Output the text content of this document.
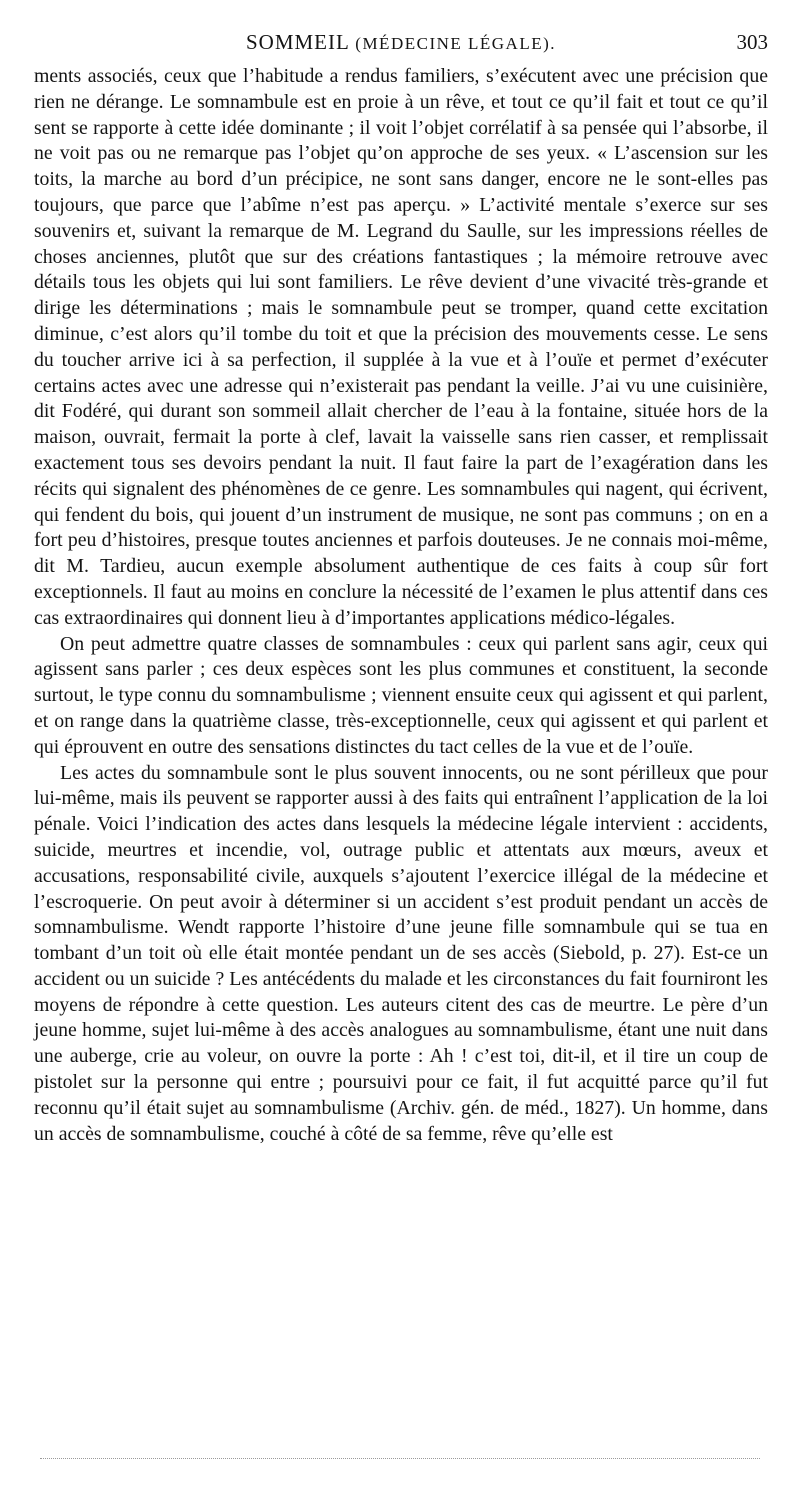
SOMMEIL (MÉDECINE LÉGALE).	303

ments associés, ceux que l’habitude a rendus familiers, s’exécutent avec une précision que rien ne dérange. Le somnambule est en proie à un rêve, et tout ce qu’il fait et tout ce qu’il sent se rapporte à cette idée dominante ; il voit l’objet corrélatif à sa pensée qui l’absorbe, il ne voit pas ou ne remarque pas l’objet qu’on approche de ses yeux. « L’ascension sur les toits, la marche au bord d’un précipice, ne sont sans danger, encore ne le sont-elles pas toujours, que parce que l’abîme n’est pas aperçu. » L’activité mentale s’exerce sur ses souvenirs et, suivant la remarque de M. Legrand du Saulle, sur les impressions réelles de choses anciennes, plutôt que sur des créations fantastiques ; la mémoire retrouve avec détails tous les objets qui lui sont familiers. Le rêve devient d’une vivacité très-grande et dirige les déterminations ; mais le somnambule peut se tromper, quand cette excitation diminue, c’est alors qu’il tombe du toit et que la précision des mouvements cesse. Le sens du toucher arrive ici à sa perfection, il supplée à la vue et à l’ouïe et permet d’exécuter certains actes avec une adresse qui n’existerait pas pendant la veille. J’ai vu une cuisinière, dit Fodéré, qui durant son sommeil allait chercher de l’eau à la fontaine, située hors de la maison, ouvrait, fermait la porte à clef, lavait la vaisselle sans rien casser, et remplissait exactement tous ses devoirs pendant la nuit. Il faut faire la part de l’exagération dans les récits qui signalent des phénomènes de ce genre. Les somnambules qui nagent, qui écrivent, qui fendent du bois, qui jouent d’un instrument de musique, ne sont pas communs ; on en a fort peu d’histoires, presque toutes anciennes et parfois douteuses. Je ne connais moi-même, dit M. Tardieu, aucun exemple absolument authentique de ces faits à coup sûr fort exceptionnels. Il faut au moins en conclure la nécessité de l’examen le plus attentif dans ces cas extraordinaires qui donnent lieu à d’importantes applications médico-légales.

On peut admettre quatre classes de somnambules : ceux qui parlent sans agir, ceux qui agissent sans parler ; ces deux espèces sont les plus communes et constituent, la seconde surtout, le type connu du somnambulisme ; viennent ensuite ceux qui agissent et qui parlent, et on range dans la quatrième classe, très-exceptionnelle, ceux qui agissent et qui parlent et qui éprouvent en outre des sensations distinctes du tact celles de la vue et de l’ouïe.

Les actes du somnambule sont le plus souvent innocents, ou ne sont périlleux que pour lui-même, mais ils peuvent se rapporter aussi à des faits qui entraînent l’application de la loi pénale. Voici l’indication des actes dans lesquels la médecine légale intervient : accidents, suicide, meurtres et incendie, vol, outrage public et attentats aux mœurs, aveux et accusations, responsabilité civile, auxquels s’ajoutent l’exercice illégal de la médecine et l’escroquerie. On peut avoir à déterminer si un accident s’est produit pendant un accès de somnambulisme. Wendt rapporte l’histoire d’une jeune fille somnambule qui se tua en tombant d’un toit où elle était montée pendant un de ses accès (Siebold, p. 27). Est-ce un accident ou un suicide ? Les antécédents du malade et les circonstances du fait fourniront les moyens de répondre à cette question. Les auteurs citent des cas de meurtre. Le père d’un jeune homme, sujet lui-même à des accès analogues au somnambulisme, étant une nuit dans une auberge, crie au voleur, on ouvre la porte : Ah ! c’est toi, dit-il, et il tire un coup de pistolet sur la personne qui entre ; poursuivi pour ce fait, il fut acquitté parce qu’il fut reconnu qu’il était sujet au somnambulisme (Archiv. gén. de méd., 1827). Un homme, dans un accès de somnambulisme, couché à côté de sa femme, rêve qu’elle est
